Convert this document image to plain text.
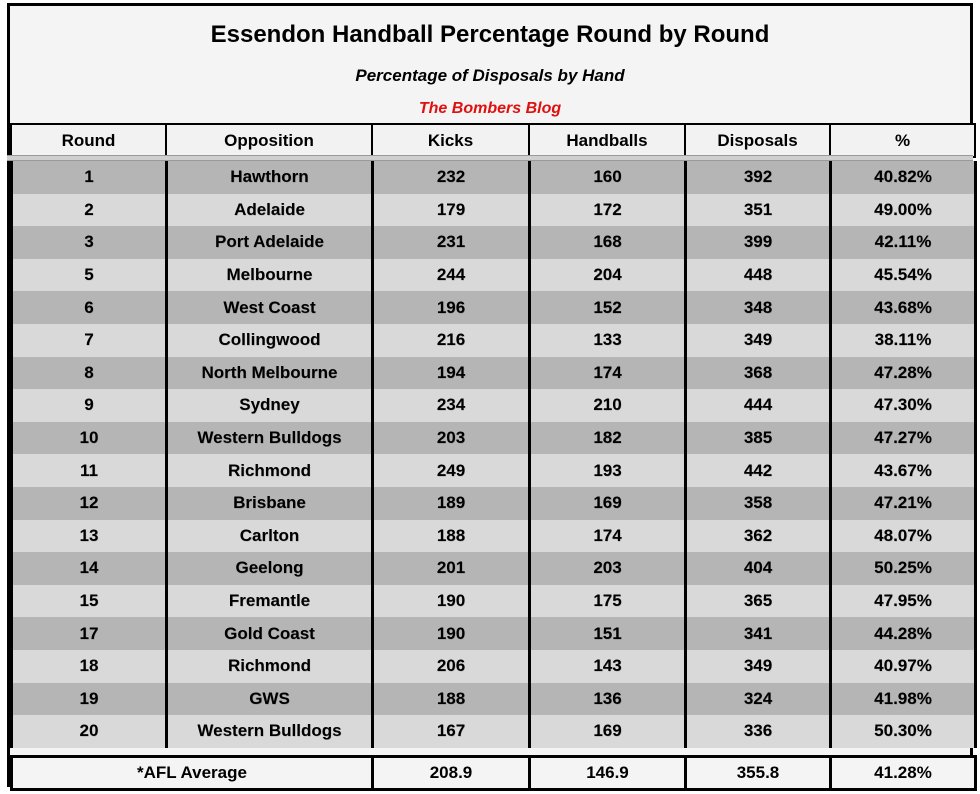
Essendon Handball Percentage Round by Round
Percentage of Disposals by Hand
The Bombers Blog
Round	Opposition	Kicks	Handballs	Disposals	%
1	Hawthorn	232	160	392	40.82%
2	Adelaide	179	172	351	49.00%
3	Port Adelaide	231	168	399	42.11%
5	Melbourne	244	204	448	45.54%
6	West Coast	196	152	348	43.68%
7	Collingwood	216	133	349	38.11%
8	North Melbourne	194	174	368	47.28%
9	Sydney	234	210	444	47.30%
10	Western Bulldogs	203	182	385	47.27%
11	Richmond	249	193	442	43.67%
12	Brisbane	189	169	358	47.21%
13	Carlton	188	174	362	48.07%
14	Geelong	201	203	404	50.25%
15	Fremantle	190	175	365	47.95%
17	Gold Coast	190	151	341	44.28%
18	Richmond	206	143	349	40.97%
19	GWS	188	136	324	41.98%
20	Western Bulldogs	167	169	336	50.30%
*AFL Average	208.9	146.9	355.8	41.28%
